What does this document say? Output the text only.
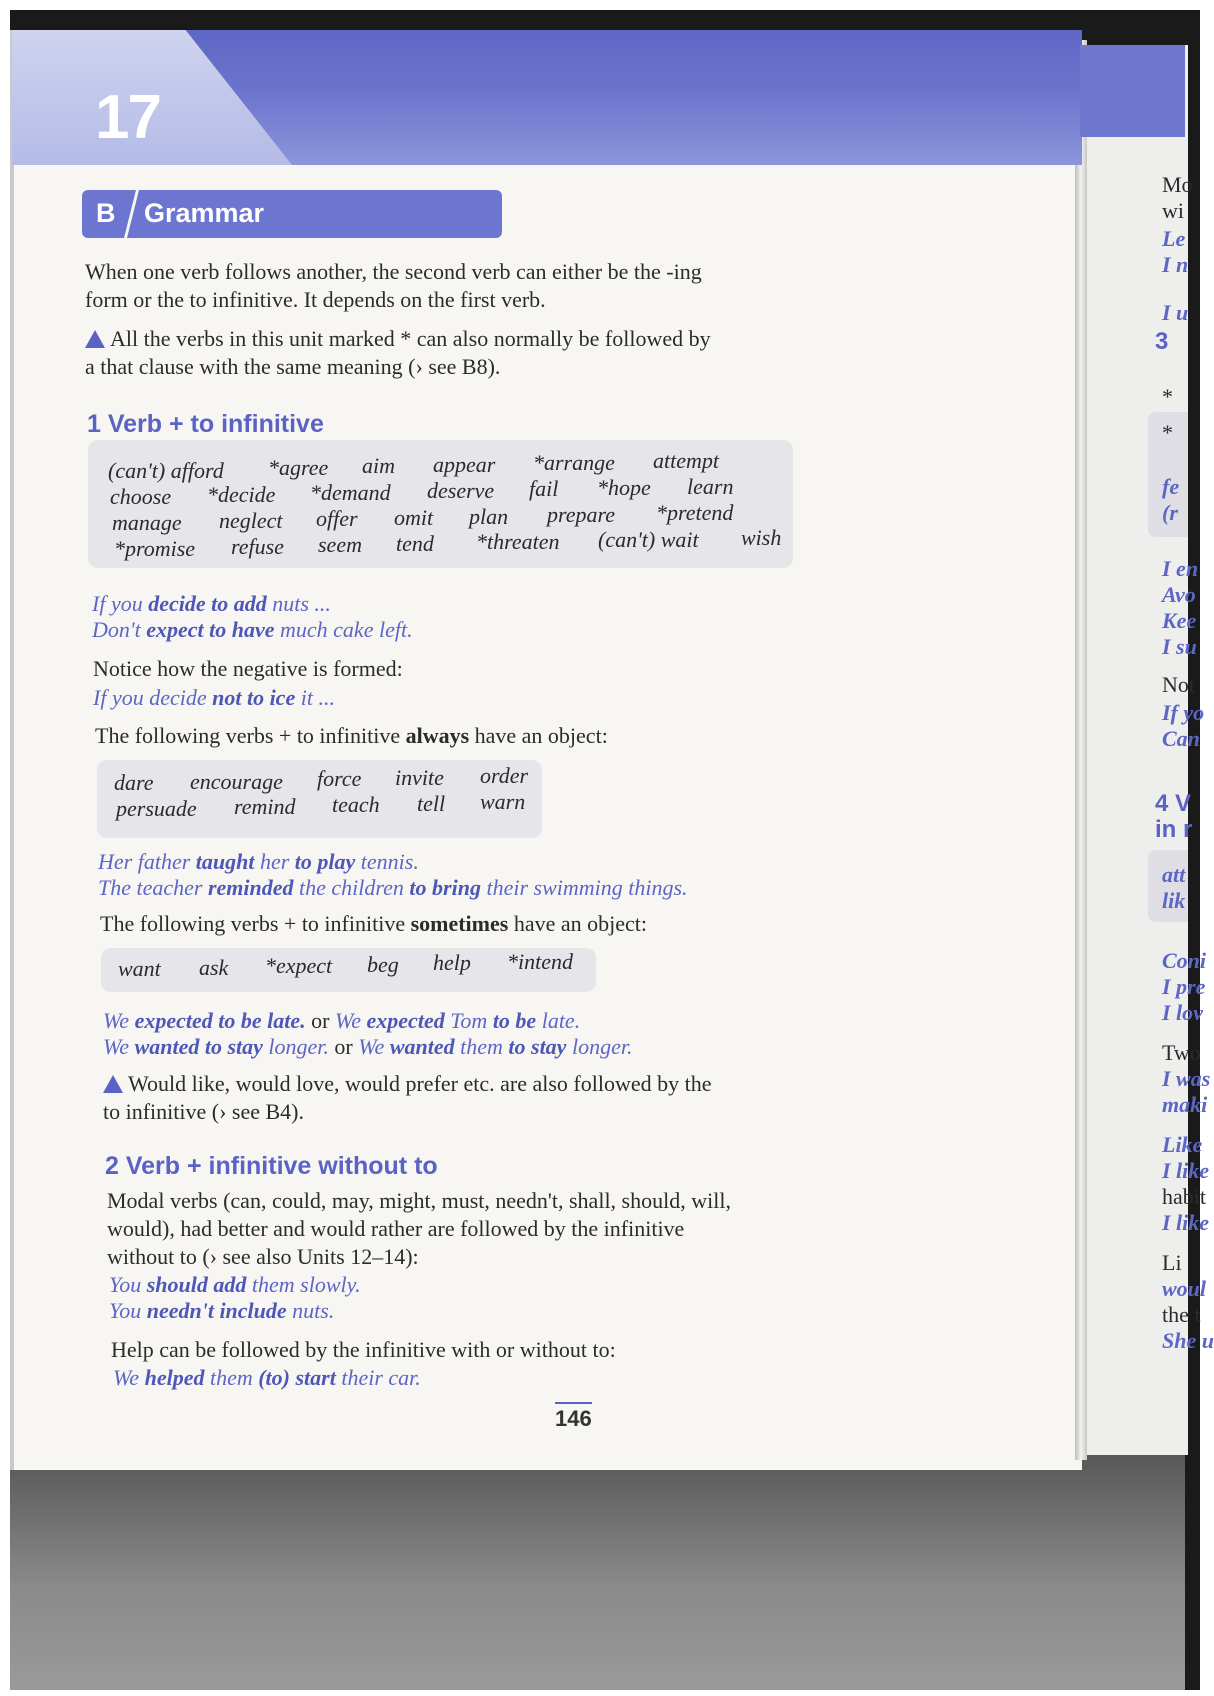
17
B Grammar
When one verb follows another, the second verb can either be the -ing
form or the to infinitive. It depends on the first verb.
All the verbs in this unit marked * can also normally be followed by
a that clause with the same meaning (› see B8).
1 Verb + to infinitive
(can't) afford *agree aim appear *arrange attempt
choose *decide *demand deserve fail *hope learn
manage neglect offer omit plan prepare *pretend
*promise refuse seem tend *threaten (can't) wait wish
If you decide to add nuts ...
Don't expect to have much cake left.
Notice how the negative is formed:
If you decide not to ice it ...
The following verbs + to infinitive always have an object:
dare encourage force invite order
persuade remind teach tell warn
Her father taught her to play tennis.
The teacher reminded the children to bring their swimming things.
The following verbs + to infinitive sometimes have an object:
want ask *expect beg help *intend
We expected to be late. or We expected Tom to be late.
We wanted to stay longer. or We wanted them to stay longer.
Would like, would love, would prefer etc. are also followed by the
to infinitive (› see B4).
2 Verb + infinitive without to
Modal verbs (can, could, may, might, must, needn't, shall, should, will,
would), had better and would rather are followed by the infinitive
without to (› see also Units 12–14):
You should add them slowly.
You needn't include nuts.
Help can be followed by the infinitive with or without to:
We helped them (to) start their car.
146
Mo
wi
Le
I n
I u
3
*
*
fe
(r
I en
Avo
Kee
I su
Not
If yo
Can
4 V
in r
att
lik
Coni
I pre
I lov
Two
I was
maki
Like
I like
habit
I like
Li
woul
the t
She u
